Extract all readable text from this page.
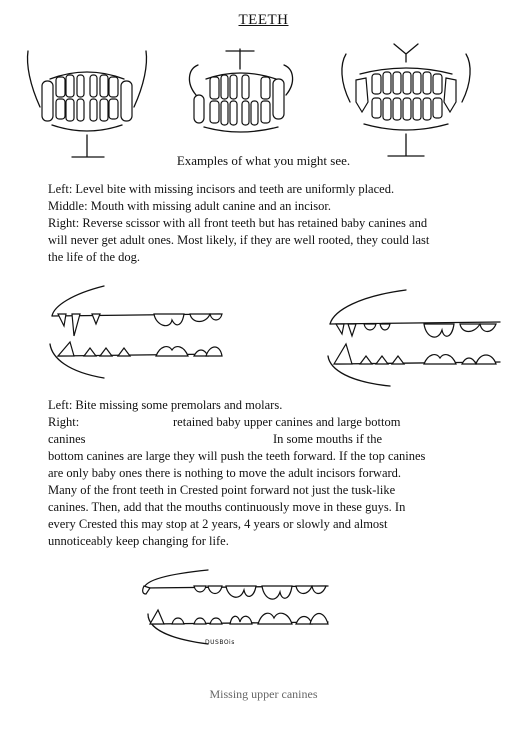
TEETH
Examples of what you might see.
Left: Level bite with missing incisors and teeth are uniformly placed.
Middle: Mouth with missing adult canine and an incisor.
Right: Reverse scissor with all front teeth but has retained baby canines and
will never get adult ones. Most likely, if they are well rooted, they could last
the life of the dog.
Left: Bite missing some premolars and molars.
Right:                              retained baby upper canines and large bottom
canines                                                            In some mouths if the
bottom canines are large they will push the teeth forward. If the top canines
are only baby ones there is nothing to move the adult incisors forward.
Many of the front teeth in Crested point forward not just the tusk-like
canines. Then, add that the mouths continuously move in these guys. In
every Crested this may stop at 2 years, 4 years or slowly and almost
unnoticeably keep changing for life.
DUSBOis
Missing upper canines
